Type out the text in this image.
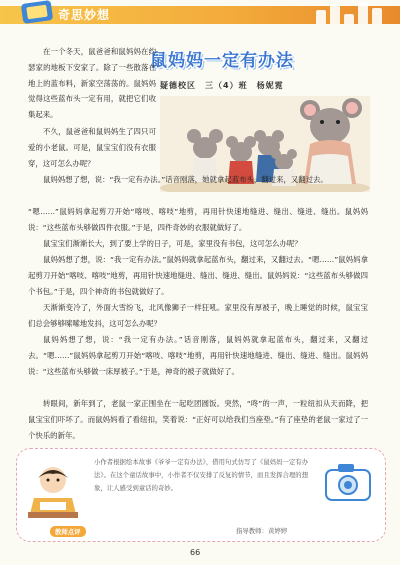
奇思妙想
鼠妈妈一定有办法
疑德校区　三（4）班　杨妮霓

在一个冬天，鼠爸爸和鼠妈妈在约瑟家的地板下安家了。除了一些散落在地上的蓝布料，新家空荡荡的。鼠妈妈觉得这些蓝布头一定有用，就把它们收集起来。

不久，鼠爸爸和鼠妈妈生了四只可爱的小老鼠。可是，鼠宝宝们没有衣服穿，这可怎么办呢？

鼠妈妈想了想，说：“我一定有办法。”话音刚落，她就拿起蓝布头，翻过来，又翻过去。

“嗯……”鼠妈妈拿起剪刀开始“喀吱、喀吱”地剪，再用针快速地缝进、缝出、缝进、缝出。鼠妈妈说：“这些蓝布头够做四件衣服。”于是，四件奇妙的衣服就做好了。

鼠宝宝们渐渐长大，到了要上学的日子，可是，家里没有书包，这可怎么办呢？

鼠妈妈想了想，说：“我一定有办法。”鼠妈妈就拿起蓝布头，翻过来，又翻过去。“嗯……”鼠妈妈拿起剪刀开始“喀吱、喀吱”地剪，再用针快速地缝进、缝出、缝进、缝出。鼠妈妈说：“这些蓝布头够做四个书包。”于是，四个神奇的书包就做好了。

天渐渐变冷了，外面大雪纷飞，北风像狮子一样狂吼。家里没有厚被子，晚上睡觉的时候，鼠宝宝们总会够够嗦嗦地发抖，这可怎么办呢？

鼠妈妈想了想，说：“我一定有办法。”话音刚落，鼠妈妈就拿起蓝布头，翻过来，又翻过去。“嗯……”鼠妈妈拿起剪刀开始“喀吱、喀吱”地剪，再用针快速地缝进、缝出、缝进、缝出。鼠妈妈说：“这些蓝布头够做一床厚被子。”于是，神奇的被子就做好了。

转眼间，新年到了，老鼠一家正围坐在一起吃团圆饭。突然，“咚”的一声，一粒纽扣从天而降，把鼠宝宝们吓坏了。而鼠妈妈看了看纽扣，笑着说：“正好可以给我们当座垫。”有了座垫的老鼠一家过了一个快乐的新年。

小作者根据绘本故事《爷爷一定有办法》，借用句式仿写了《鼠妈妈一定有办法》。在这个童话故事中，小作者不仅安排了反复的情节，而且发挥合理的想象，让人感受到童话的奇妙。
教师点评	指导教师：黄婷婷
66
